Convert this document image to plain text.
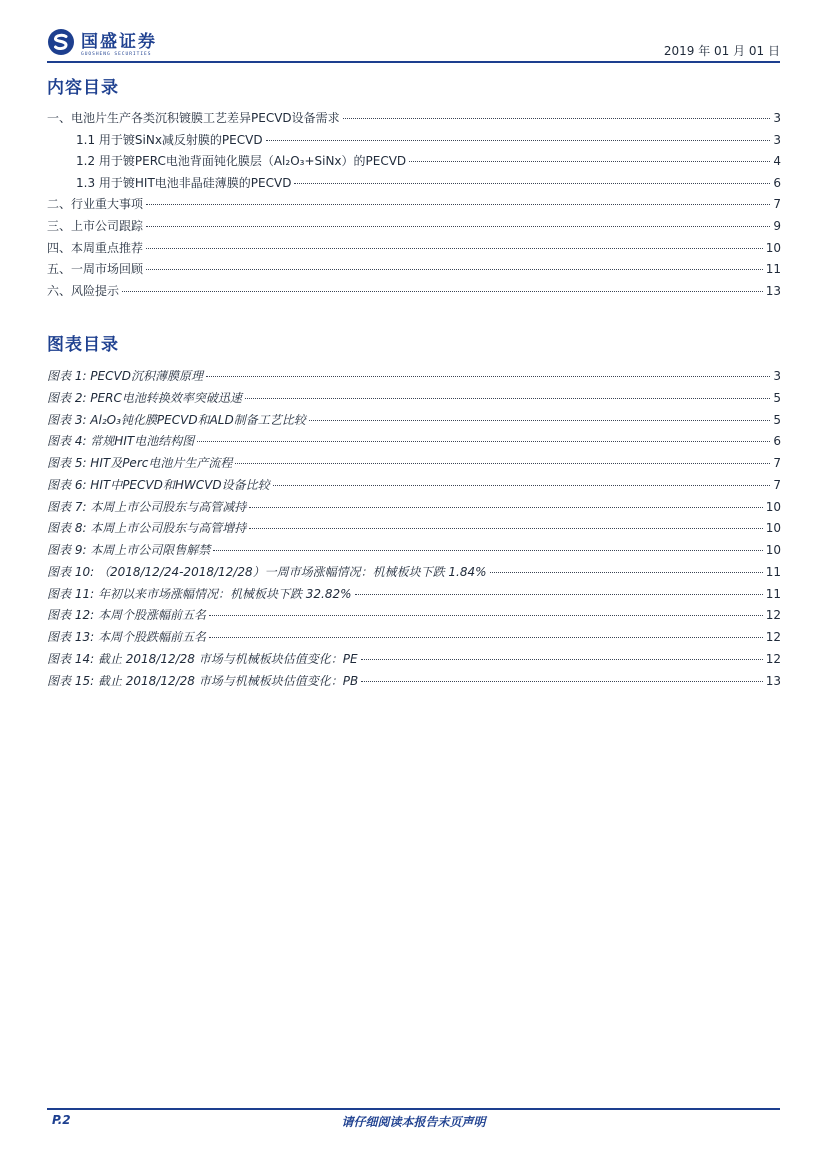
国盛证券
GUOSHENG SECURITIES	2019 年 01 月 01 日
内容目录
一、电池片生产各类沉积镀膜工艺差异PECVD设备需求	3
1.1 用于镀SiNx减反射膜的PECVD	3
1.2 用于镀PERC电池背面钝化膜层（Al₂O₃+SiNx）的PECVD	4
1.3 用于镀HIT电池非晶硅薄膜的PECVD	6
二、行业重大事项	7
三、上市公司跟踪	9
四、本周重点推荐	10
五、一周市场回顾	11
六、风险提示	13
图表目录
图表 1: PECVD沉积薄膜原理	3
图表 2: PERC电池转换效率突破迅速	5
图表 3: Al₂O₃钝化膜PECVD和ALD制备工艺比较	5
图表 4: 常规HIT电池结构图	6
图表 5: HIT及Perc电池片生产流程	7
图表 6: HIT中PECVD和HWCVD设备比较	7
图表 7: 本周上市公司股东与高管减持	10
图表 8: 本周上市公司股东与高管增持	10
图表 9: 本周上市公司限售解禁	10
图表 10: （2018/12/24-2018/12/28）一周市场涨幅情况：机械板块下跌 1.84%	11
图表 11: 年初以来市场涨幅情况：机械板块下跌 32.82%	11
图表 12: 本周个股涨幅前五名	12
图表 13: 本周个股跌幅前五名	12
图表 14: 截止 2018/12/28 市场与机械板块估值变化：PE	12
图表 15: 截止 2018/12/28 市场与机械板块估值变化：PB	13
P.2	请仔细阅读本报告末页声明
